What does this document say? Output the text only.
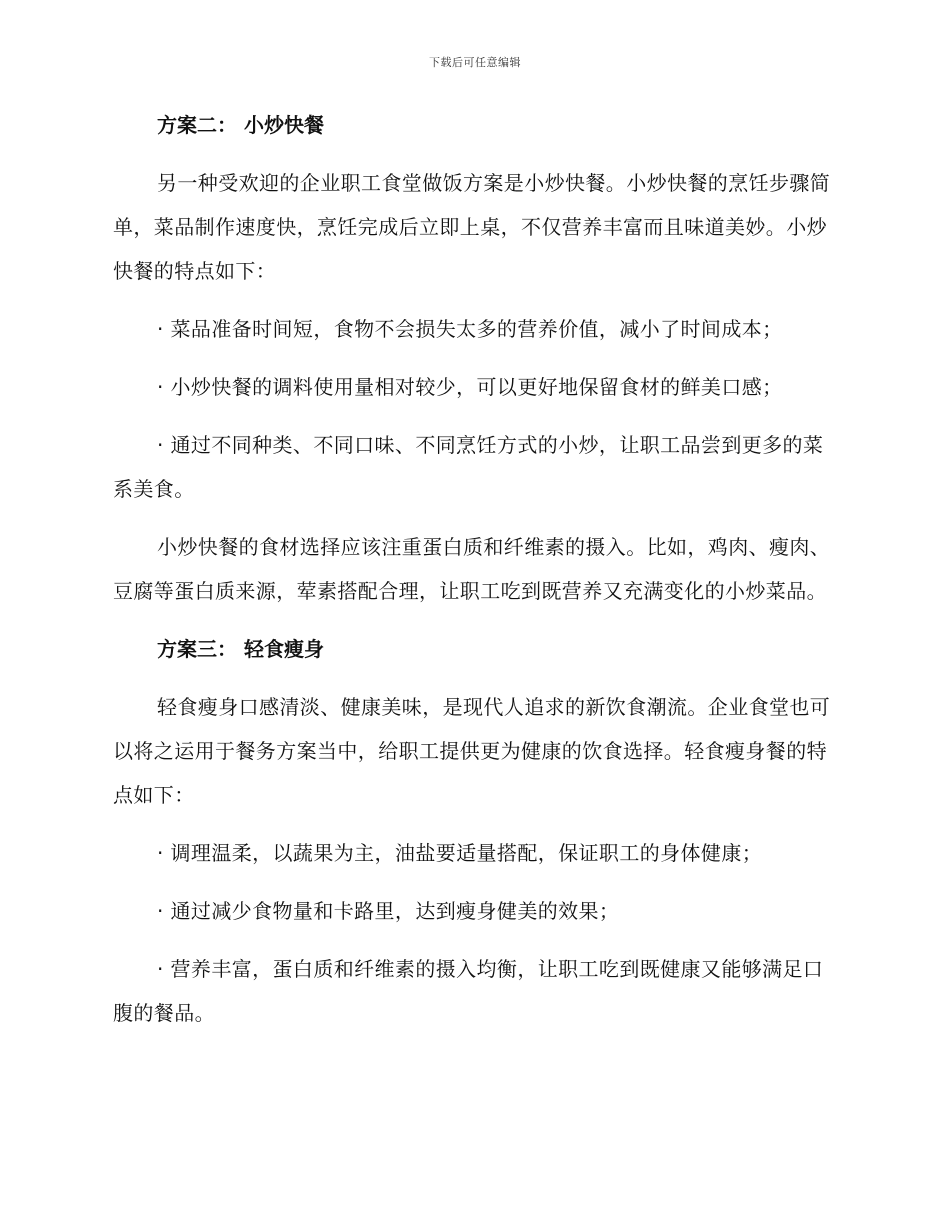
下载后可任意编辑
方案二： 小炒快餐

另一种受欢迎的企业职工食堂做饭方案是小炒快餐。小炒快餐的烹饪步骤简单，菜品制作速度快，烹饪完成后立即上桌，不仅营养丰富而且味道美妙。小炒快餐的特点如下：

· 菜品准备时间短，食物不会损失太多的营养价值，减小了时间成本；

· 小炒快餐的调料使用量相对较少，可以更好地保留食材的鲜美口感；

· 通过不同种类、不同口味、不同烹饪方式的小炒，让职工品尝到更多的菜系美食。

小炒快餐的食材选择应该注重蛋白质和纤维素的摄入。比如，鸡肉、瘦肉、豆腐等蛋白质来源，荤素搭配合理，让职工吃到既营养又充满变化的小炒菜品。

方案三： 轻食瘦身

轻食瘦身口感清淡、健康美味，是现代人追求的新饮食潮流。企业食堂也可以将之运用于餐务方案当中，给职工提供更为健康的饮食选择。轻食瘦身餐的特点如下：

· 调理温柔，以蔬果为主，油盐要适量搭配，保证职工的身体健康；

· 通过减少食物量和卡路里，达到瘦身健美的效果；

· 营养丰富，蛋白质和纤维素的摄入均衡，让职工吃到既健康又能够满足口腹的餐品。
